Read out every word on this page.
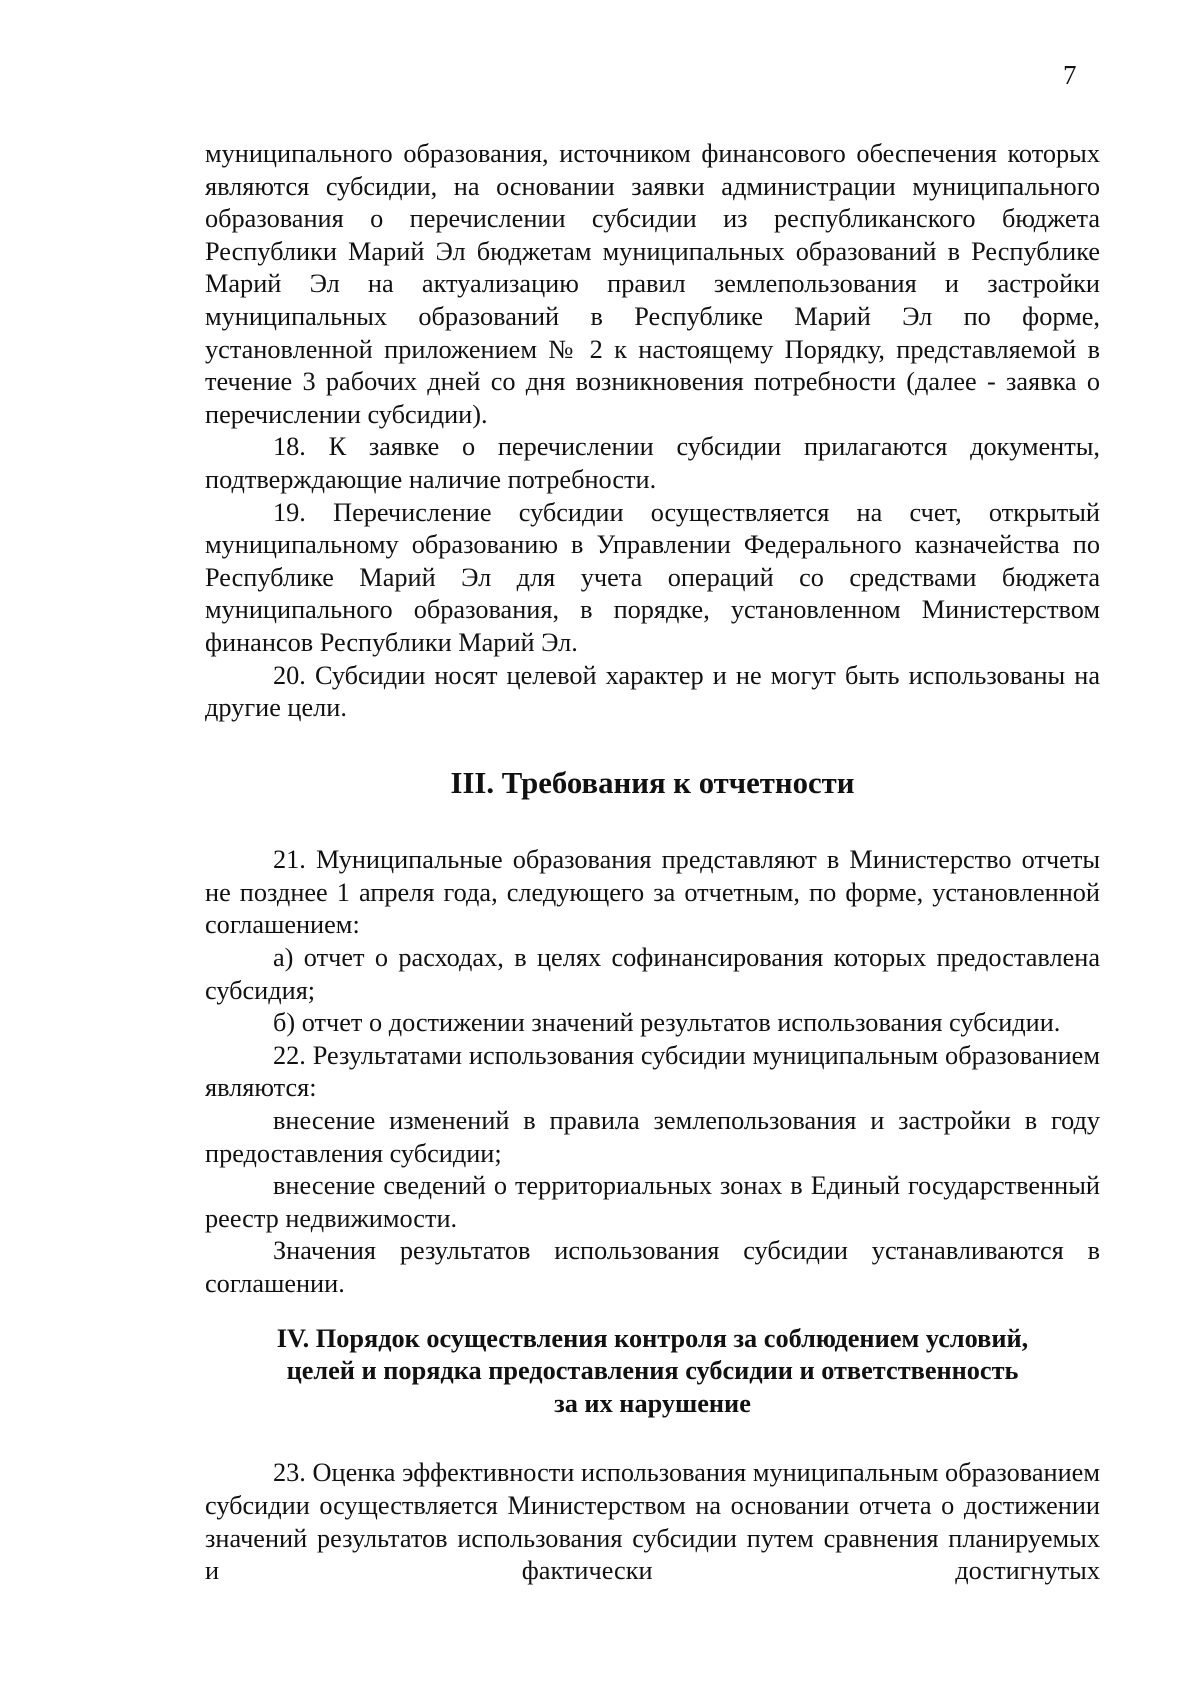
7

муниципального образования, источником финансового обеспечения которых являются субсидии, на основании заявки администрации муниципального образования о перечислении субсидии из республиканского бюджета Республики Марий Эл бюджетам муниципальных образований в Республике Марий Эл на актуализацию правил землепользования и застройки муниципальных образований в Республике Марий Эл по форме, установленной приложением № 2 к настоящему Порядку, представляемой в течение 3 рабочих дней со дня возникновения потребности (далее - заявка о перечислении субсидии).

18. К заявке о перечислении субсидии прилагаются документы, подтверждающие наличие потребности.

19. Перечисление субсидии осуществляется на счет, открытый муниципальному образованию в Управлении Федерального казначейства по Республике Марий Эл для учета операций со средствами бюджета муниципального образования, в порядке, установленном Министерством финансов Республики Марий Эл.

20. Субсидии носят целевой характер и не могут быть использованы на другие цели.

III. Требования к отчетности

21. Муниципальные образования представляют в Министерство отчеты не позднее 1 апреля года, следующего за отчетным, по форме, установленной соглашением:

а) отчет о расходах, в целях софинансирования которых предоставлена субсидия;

б) отчет о достижении значений результатов использования субсидии.

22. Результатами использования субсидии муниципальным образованием являются:

внесение изменений в правила землепользования и застройки в году предоставления субсидии;

внесение сведений о территориальных зонах в Единый государственный реестр недвижимости.

Значения результатов использования субсидии устанавливаются в соглашении.

IV. Порядок осуществления контроля за соблюдением условий,
целей и порядка предоставления субсидии и ответственность
за их нарушение

23. Оценка эффективности использования муниципальным образованием субсидии осуществляется Министерством на основании отчета о достижении значений результатов использования субсидии путем сравнения планируемых и фактически достигнутых
